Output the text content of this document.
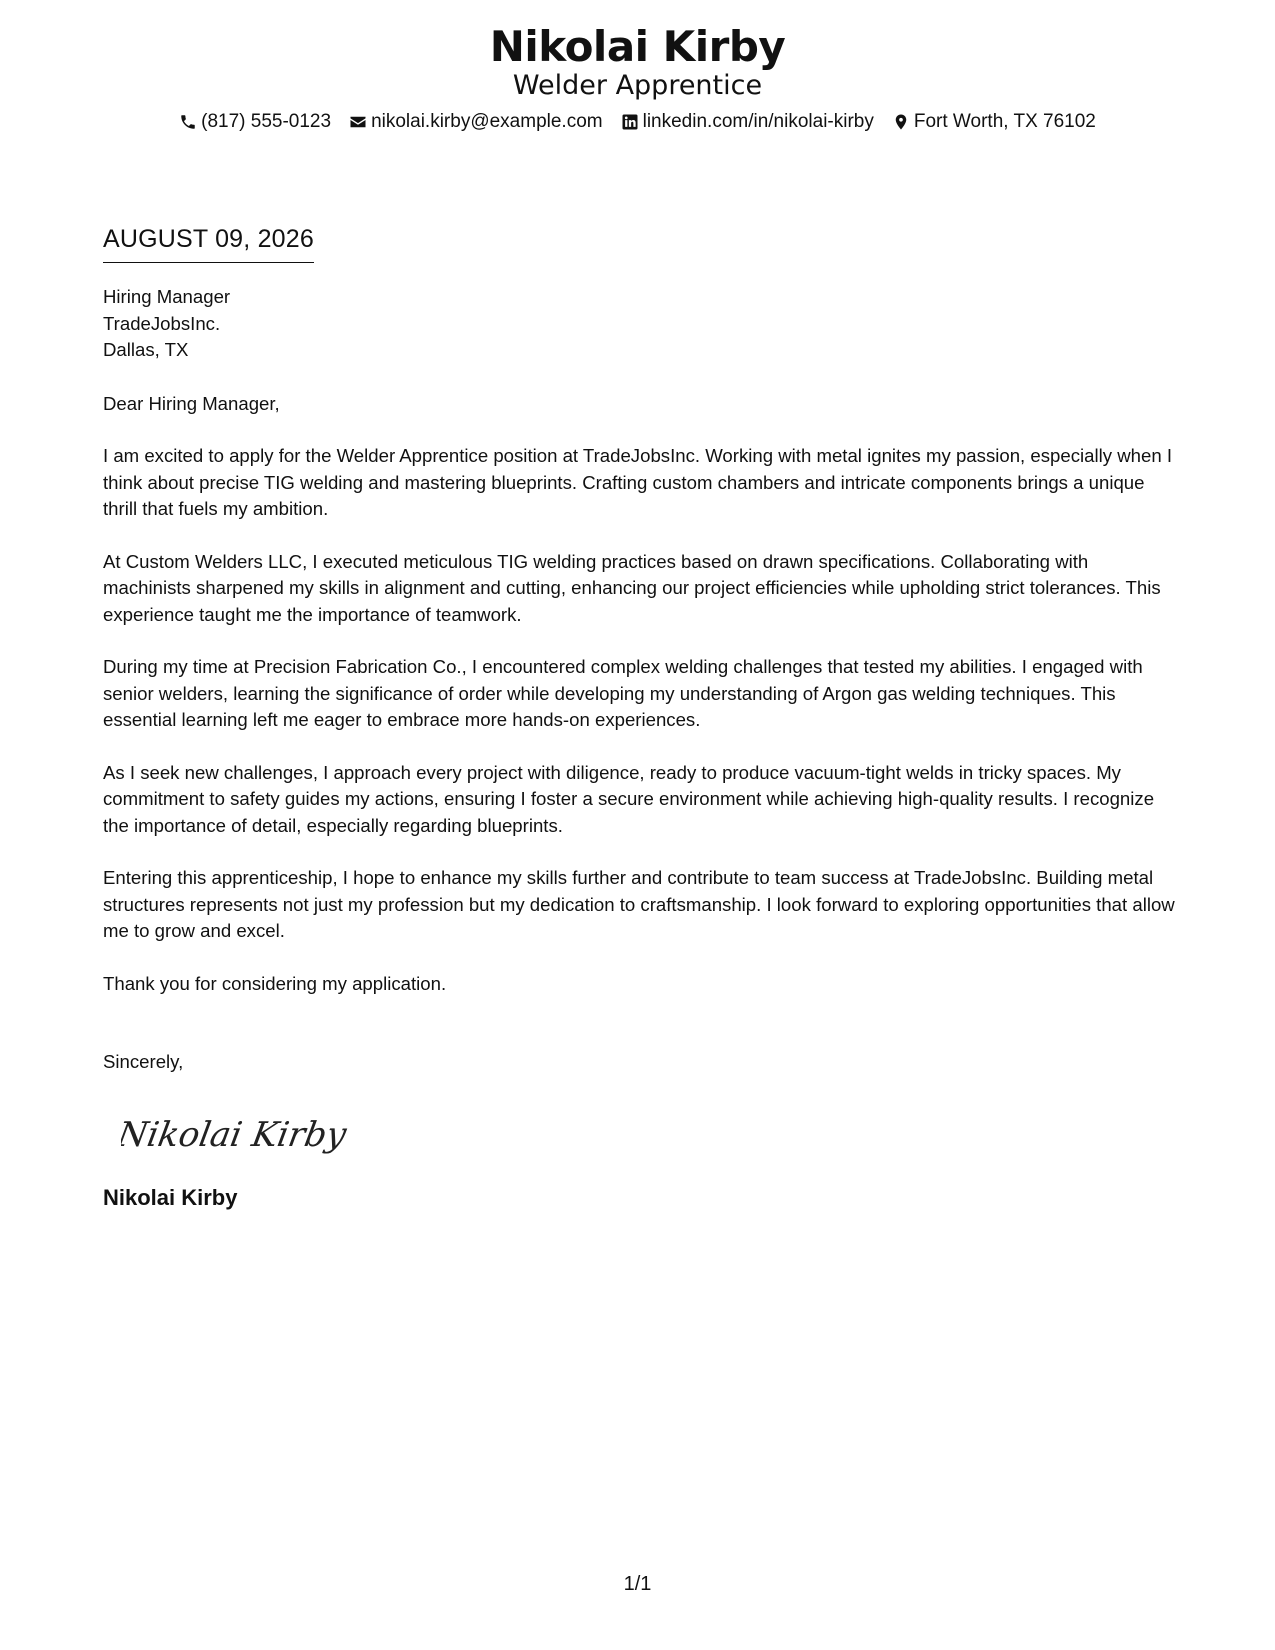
Nikolai Kirby
Welder Apprentice
(817) 555-0123 nikolai.kirby@example.com linkedin.com/in/nikolai-kirby Fort Worth, TX 76102
AUGUST 09, 2026
Hiring Manager
TradeJobsInc.
Dallas, TX
Dear Hiring Manager,
I am excited to apply for the Welder Apprentice position at TradeJobsInc. Working with metal ignites my passion, especially when I think about precise TIG welding and mastering blueprints. Crafting custom chambers and intricate components brings a unique thrill that fuels my ambition.
At Custom Welders LLC, I executed meticulous TIG welding practices based on drawn specifications. Collaborating with machinists sharpened my skills in alignment and cutting, enhancing our project efficiencies while upholding strict tolerances. This experience taught me the importance of teamwork.
During my time at Precision Fabrication Co., I encountered complex welding challenges that tested my abilities. I engaged with senior welders, learning the significance of order while developing my understanding of Argon gas welding techniques. This essential learning left me eager to embrace more hands-on experiences.
As I seek new challenges, I approach every project with diligence, ready to produce vacuum-tight welds in tricky spaces. My commitment to safety guides my actions, ensuring I foster a secure environment while achieving high-quality results. I recognize the importance of detail, especially regarding blueprints.
Entering this apprenticeship, I hope to enhance my skills further and contribute to team success at TradeJobsInc. Building metal structures represents not just my profession but my dedication to craftsmanship. I look forward to exploring opportunities that allow me to grow and excel.
Thank you for considering my application.
Sincerely,
Nikolai Kirby
Nikolai Kirby
1/1
